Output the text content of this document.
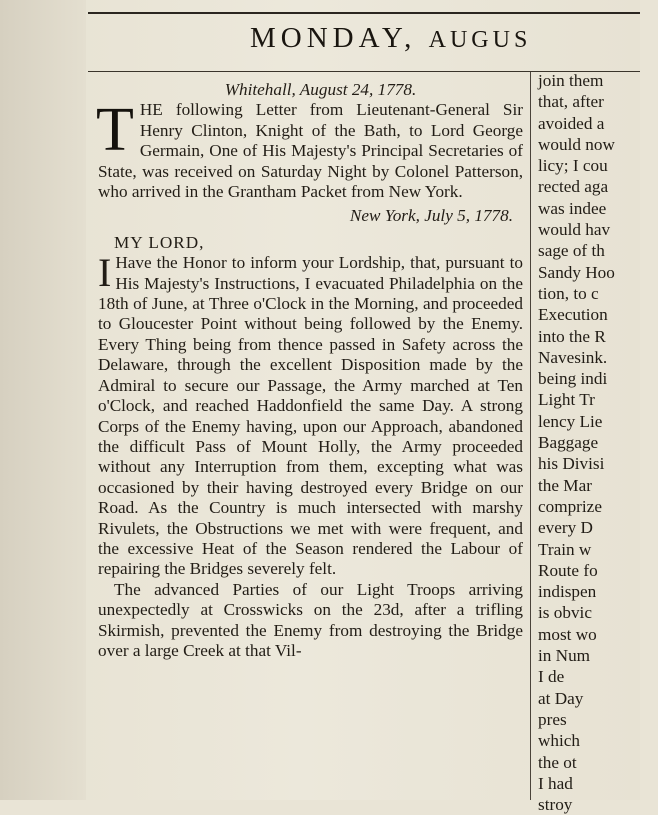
MONDAY, AUGUS

Whitehall, August 24, 1778.

T HE following Letter from Lieutenant-General Sir Henry Clinton, Knight of the Bath, to Lord George Germain, One of His Majesty's Principal Secretaries of State, was received on Saturday Night by Colonel Patterson, who arrived in the Grantham Packet from New York.

New York, July 5, 1778.

MY LORD,

I Have the Honor to inform your Lordship, that, pursuant to His Majesty's Instructions, I evacuated Philadelphia on the 18th of June, at Three o'Clock in the Morning, and proceeded to Gloucester Point without being followed by the Enemy. Every Thing being from thence passed in Safety across the Delaware, through the excellent Disposition made by the Admiral to secure our Passage, the Army marched at Ten o'Clock, and reached Haddonfield the same Day. A strong Corps of the Enemy having, upon our Approach, abandoned the difficult Pass of Mount Holly, the Army proceeded without any Interruption from them, excepting what was occasioned by their having destroyed every Bridge on our Road. As the Country is much intersected with marshy Rivulets, the Obstructions we met with were frequent, and the excessive Heat of the Season rendered the Labour of repairing the Bridges severely felt.

The advanced Parties of our Light Troops arriving unexpectedly at Crosswicks on the 23d, after a trifling Skirmish, prevented the Enemy from destroying the Bridge over a large Creek at that Vil-

join them
that, after
avoided a
would now
licy; I cou
rected aga
was indee
would hav
sage of th
Sandy Hoo
tion, to c
Execution
into the R
Navesink.
being indi
Light Tr
lency Lie
Baggage
his Divisi
the Mar
comprize
every D
Train w
Route fo
indispen
is obvic
most wo
in Num
I de
at Day
pres
which
the ot
I had
stroy
